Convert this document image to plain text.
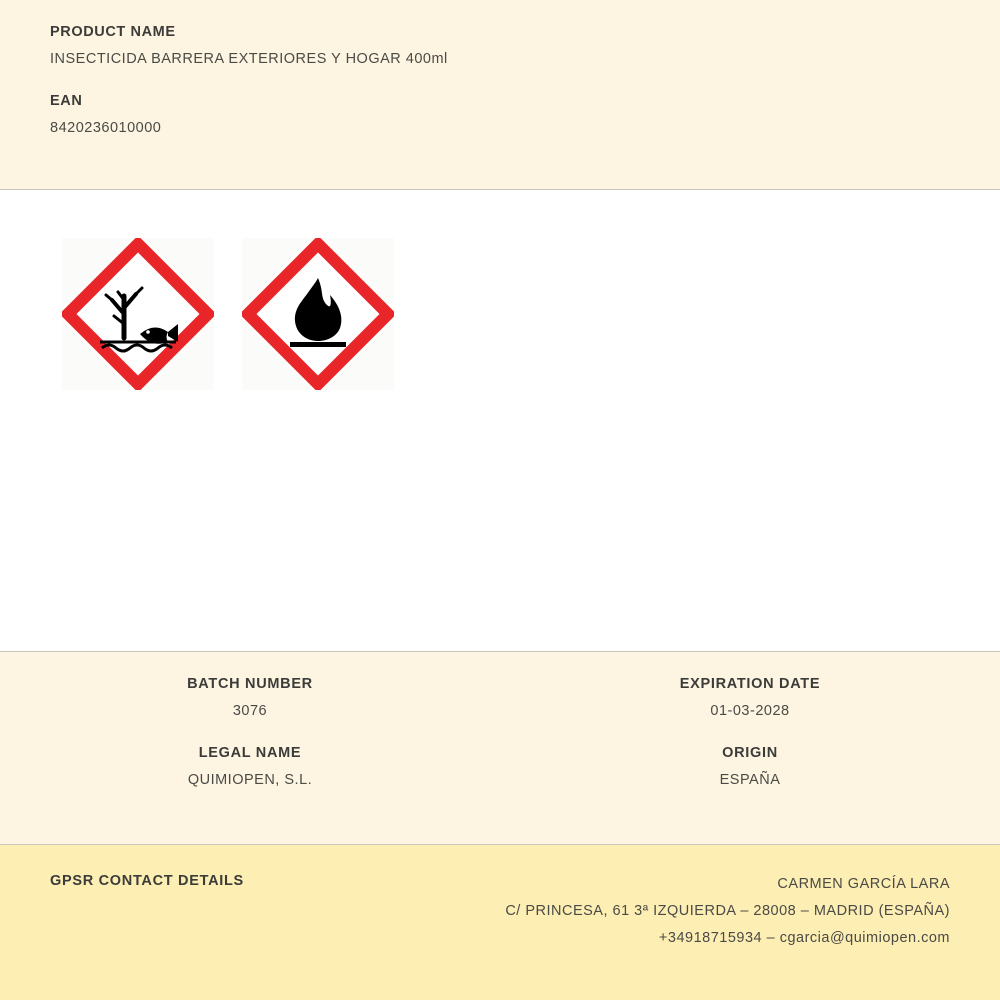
PRODUCT NAME
INSECTICIDA BARRERA EXTERIORES Y HOGAR 400ml
EAN
8420236010000
BATCH NUMBER
3076
EXPIRATION DATE
01-03-2028
LEGAL NAME
QUIMIOPEN, S.L.
ORIGIN
ESPAÑA
GPSR CONTACT DETAILS	CARMEN GARCÍA LARA
C/ PRINCESA, 61 3ª IZQUIERDA – 28008 – MADRID (ESPAÑA)
+34918715934 – cgarcia@quimiopen.com
